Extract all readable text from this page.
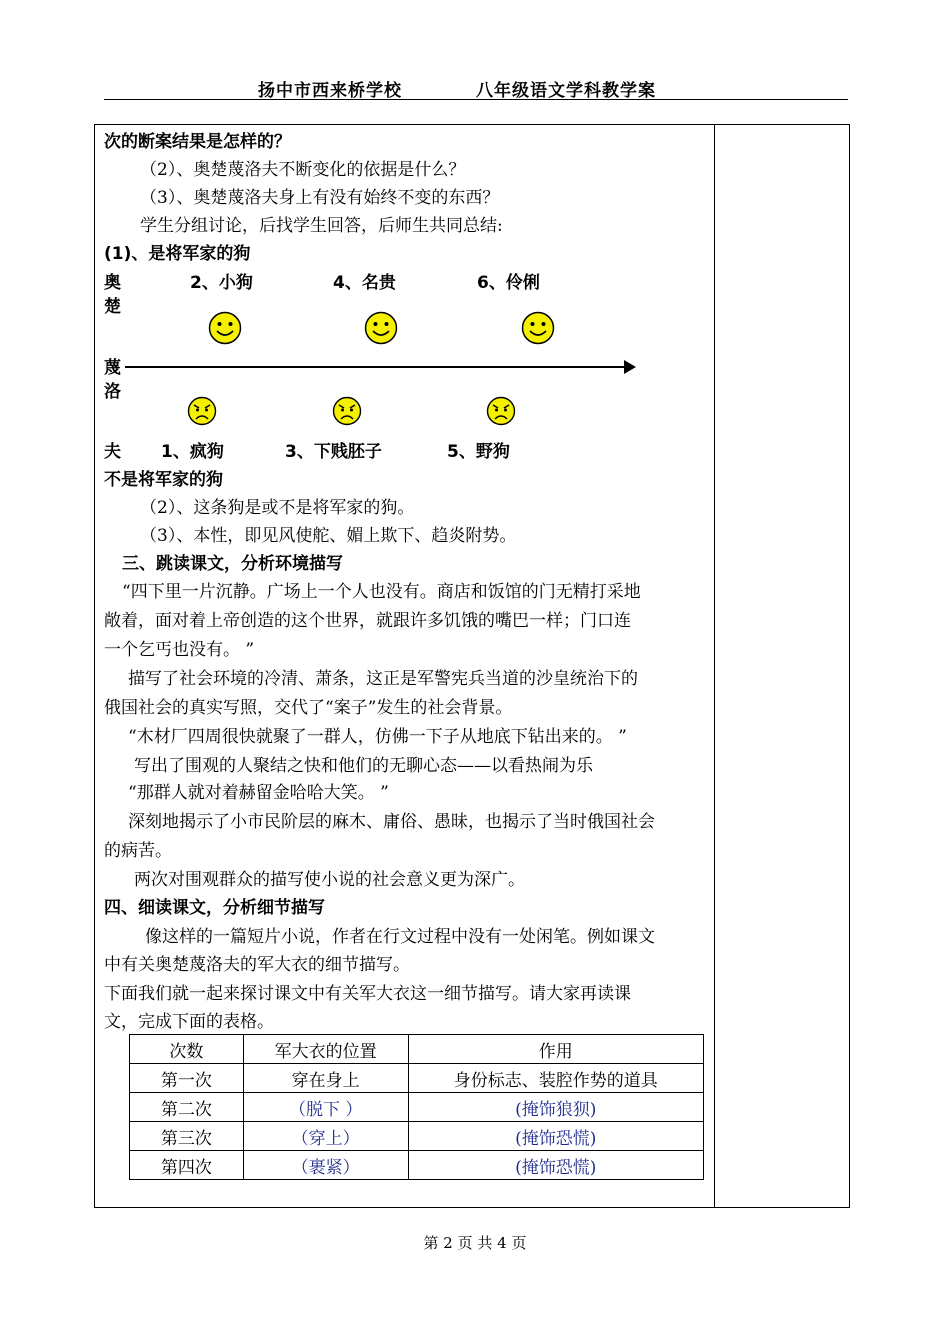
扬中市西来桥学校	八年级语文学科教学案
次的断案结果是怎样的？
（2）、奥楚蔑洛夫不断变化的依据是什么？
（3）、奥楚蔑洛夫身上有没有始终不变的东西？
学生分组讨论，后找学生回答，后师生共同总结:
(1)、是将军家的狗
奥
楚
蔑
洛
夫
2、小狗	4、名贵	6、伶俐
1、疯狗	3、下贱胚子	5、野狗
不是将军家的狗
（2）、这条狗是或不是将军家的狗。
（3）、本性，即见风使舵、媚上欺下、趋炎附势。
三、跳读课文，分析环境描写
“四下里一片沉静。广场上一个人也没有。商店和饭馆的门无精打采地
敞着，面对着上帝创造的这个世界，就跟许多饥饿的嘴巴一样；门口连
一个乞丐也没有。 ”
描写了社会环境的冷清、萧条，这正是军警宪兵当道的沙皇统治下的
俄国社会的真实写照，交代了“案子”发生的社会背景。
“木材厂四周很快就聚了一群人，仿佛一下子从地底下钻出来的。 ”
写出了围观的人聚结之快和他们的无聊心态——以看热闹为乐
“那群人就对着赫留金哈哈大笑。 ”
深刻地揭示了小市民阶层的麻木、庸俗、愚昧，也揭示了当时俄国社会
的病苦。
两次对围观群众的描写使小说的社会意义更为深广。
四、细读课文，分析细节描写
像这样的一篇短片小说，作者在行文过程中没有一处闲笔。例如课文
中有关奥楚蔑洛夫的军大衣的细节描写。
下面我们就一起来探讨课文中有关军大衣这一细节描写。请大家再读课
文，完成下面的表格。
次数	军大衣的位置	作用
第一次	穿在身上	身份标志、装腔作势的道具
第二次	（脱下 ）	(掩饰狼狈)
第三次	（穿上）	(掩饰恐慌)
第四次	（裹紧）	(掩饰恐慌)
第 2 页 共 4 页
